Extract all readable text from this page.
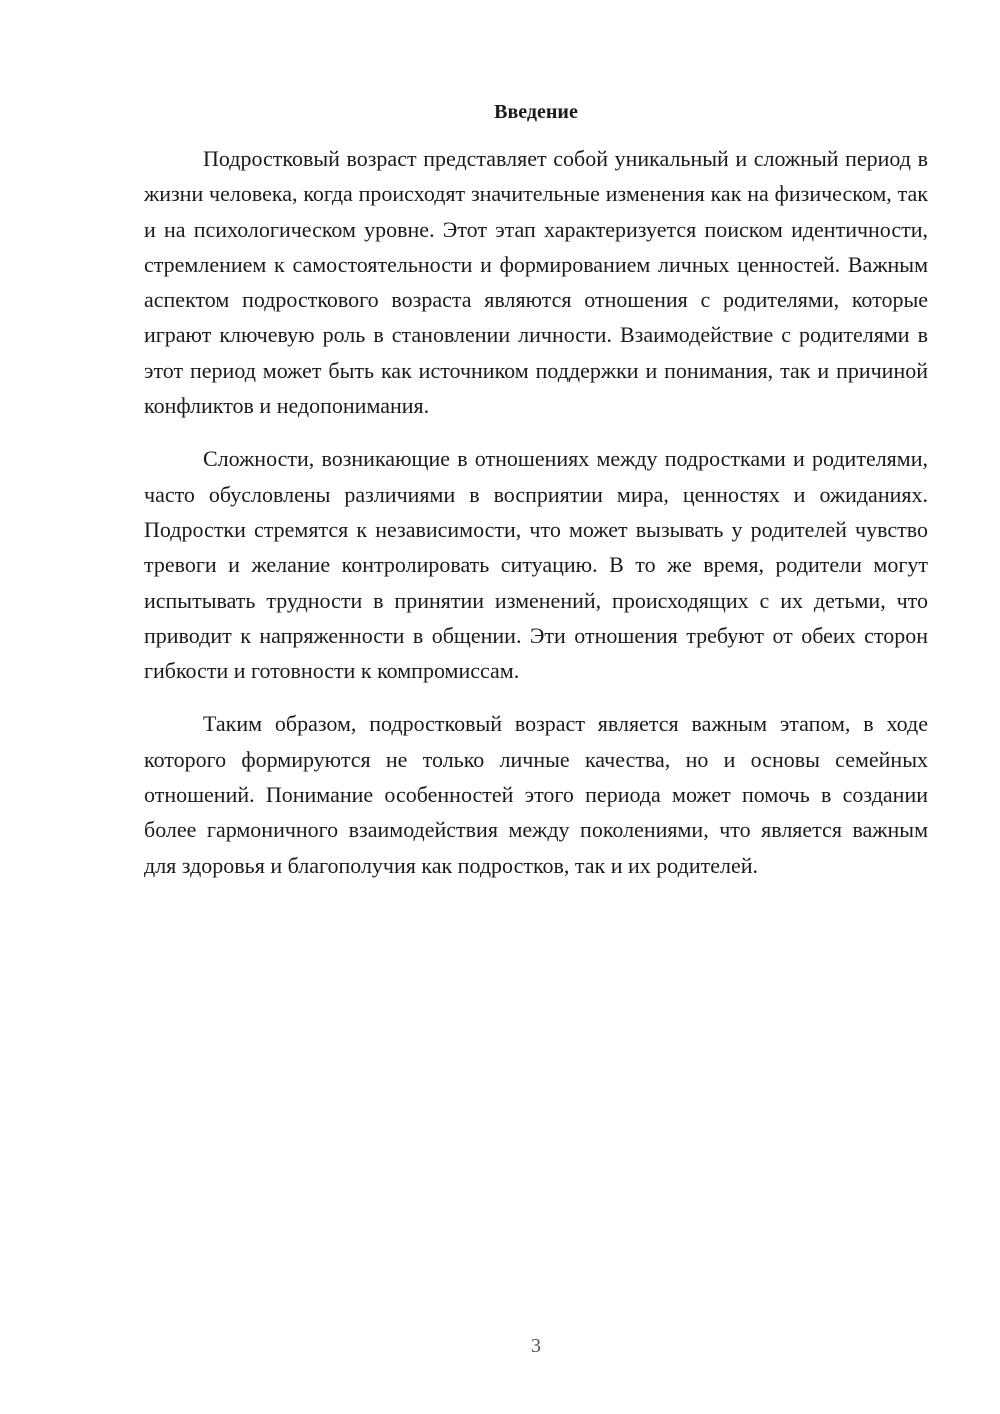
Введение

Подростковый возраст представляет собой уникальный и сложный период в жизни человека, когда происходят значительные изменения как на физическом, так и на психологическом уровне. Этот этап характеризуется поиском идентичности, стремлением к самостоятельности и формированием личных ценностей. Важным аспектом подросткового возраста являются отношения с родителями, которые играют ключевую роль в становлении личности. Взаимодействие с родителями в этот период может быть как источником поддержки и понимания, так и причиной конфликтов и недопонимания.

Сложности, возникающие в отношениях между подростками и родителями, часто обусловлены различиями в восприятии мира, ценностях и ожиданиях. Подростки стремятся к независимости, что может вызывать у родителей чувство тревоги и желание контролировать ситуацию. В то же время, родители могут испытывать трудности в принятии изменений, происходящих с их детьми, что приводит к напряженности в общении. Эти отношения требуют от обеих сторон гибкости и готовности к компромиссам.

Таким образом, подростковый возраст является важным этапом, в ходе которого формируются не только личные качества, но и основы семейных отношений. Понимание особенностей этого периода может помочь в создании более гармоничного взаимодействия между поколениями, что является важным для здоровья и благополучия как подростков, так и их родителей.

3
